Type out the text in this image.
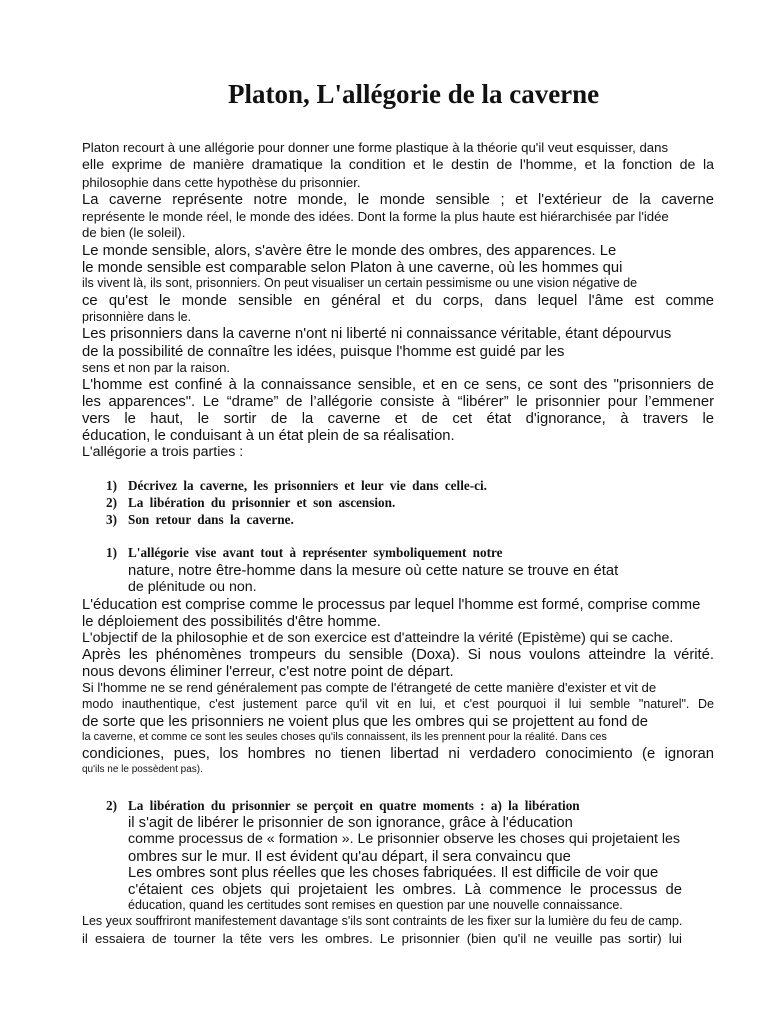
Platon, L'allégorie de la caverne
Platon recourt à une allégorie pour donner une forme plastique à la théorie qu'il veut esquisser, dans
elle exprime de manière dramatique la condition et le destin de l'homme, et la fonction de la
philosophie dans cette hypothèse du prisonnier.
La caverne représente notre monde, le monde sensible ; et l'extérieur de la caverne
représente le monde réel, le monde des idées. Dont la forme la plus haute est hiérarchisée par l'idée
de bien (le soleil).
Le monde sensible, alors, s'avère être le monde des ombres, des apparences. Le
le monde sensible est comparable selon Platon à une caverne, où les hommes qui
ils vivent là, ils sont, prisonniers. On peut visualiser un certain pessimisme ou une vision négative de
ce qu'est le monde sensible en général et du corps, dans lequel l'âme est comme
prisonnière dans le.
Les prisonniers dans la caverne n'ont ni liberté ni connaissance véritable, étant dépourvus
de la possibilité de connaître les idées, puisque l'homme est guidé par les
sens et non par la raison.
L'homme est confiné à la connaissance sensible, et en ce sens, ce sont des "prisonniers de
les apparences". Le “drame” de l’allégorie consiste à “libérer” le prisonnier pour l’emmener
vers le haut, le sortir de la caverne et de cet état d'ignorance, à travers le
éducation, le conduisant à un état plein de sa réalisation.
L'allégorie a trois parties :
1) Décrivez la caverne, les prisonniers et leur vie dans celle-ci.
2) La libération du prisonnier et son ascension.
3) Son retour dans la caverne.
1) L'allégorie vise avant tout à représenter symboliquement notre
nature, notre être-homme dans la mesure où cette nature se trouve en état
de plénitude ou non.
L'éducation est comprise comme le processus par lequel l'homme est formé, comprise comme
le déploiement des possibilités d'être homme.
L'objectif de la philosophie et de son exercice est d'atteindre la vérité (Epistème) qui se cache.
Après les phénomènes trompeurs du sensible (Doxa). Si nous voulons atteindre la vérité.
nous devons éliminer l'erreur, c'est notre point de départ.
Si l'homme ne se rend généralement pas compte de l'étrangeté de cette manière d'exister et vit de
modo inauthentique, c'est justement parce qu'il vit en lui, et c'est pourquoi il lui semble "naturel". De
de sorte que les prisonniers ne voient plus que les ombres qui se projettent au fond de
la caverne, et comme ce sont les seules choses qu'ils connaissent, ils les prennent pour la réalité. Dans ces
condiciones, pues, los hombres no tienen libertad ni verdadero conocimiento (e ignoran
qu'ils ne le possèdent pas).
2) La libération du prisonnier se perçoit en quatre moments : a) la libération
il s'agit de libérer le prisonnier de son ignorance, grâce à l'éducation
comme processus de « formation ». Le prisonnier observe les choses qui projetaient les
ombres sur le mur. Il est évident qu'au départ, il sera convaincu que
Les ombres sont plus réelles que les choses fabriquées. Il est difficile de voir que
c'étaient ces objets qui projetaient les ombres. Là commence le processus de
éducation, quand les certitudes sont remises en question par une nouvelle connaissance.
Les yeux souffriront manifestement davantage s'ils sont contraints de les fixer sur la lumière du feu de camp.
il essaiera de tourner la tête vers les ombres. Le prisonnier (bien qu'il ne veuille pas sortir) lui
